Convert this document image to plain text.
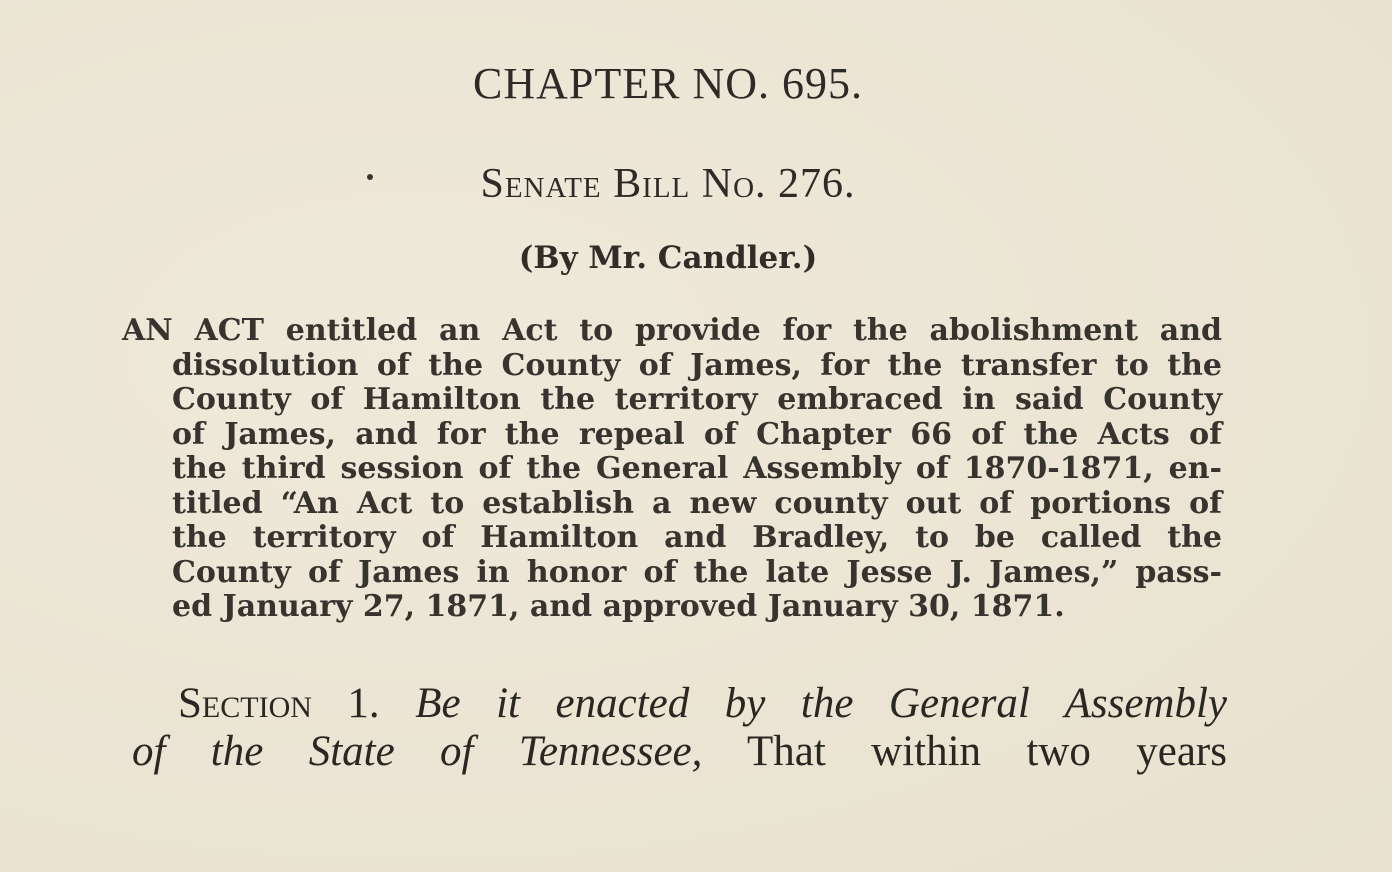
CHAPTER NO. 695.
Senate Bill No. 276.
(By Mr. Candler.)
AN ACT entitled an Act to provide for the abolishment and
dissolution of the County of James, for the transfer to the
County of Hamilton the territory embraced in said County
of James, and for the repeal of Chapter 66 of the Acts of
the third session of the General Assembly of 1870-1871, en-
titled “An Act to establish a new county out of portions of
the territory of Hamilton and Bradley, to be called the
County of James in honor of the late Jesse J. James,” pass-
ed January 27, 1871, and approved January 30, 1871.
Section 1. Be it enacted by the General Assembly
of the State of Tennessee, That within two years
